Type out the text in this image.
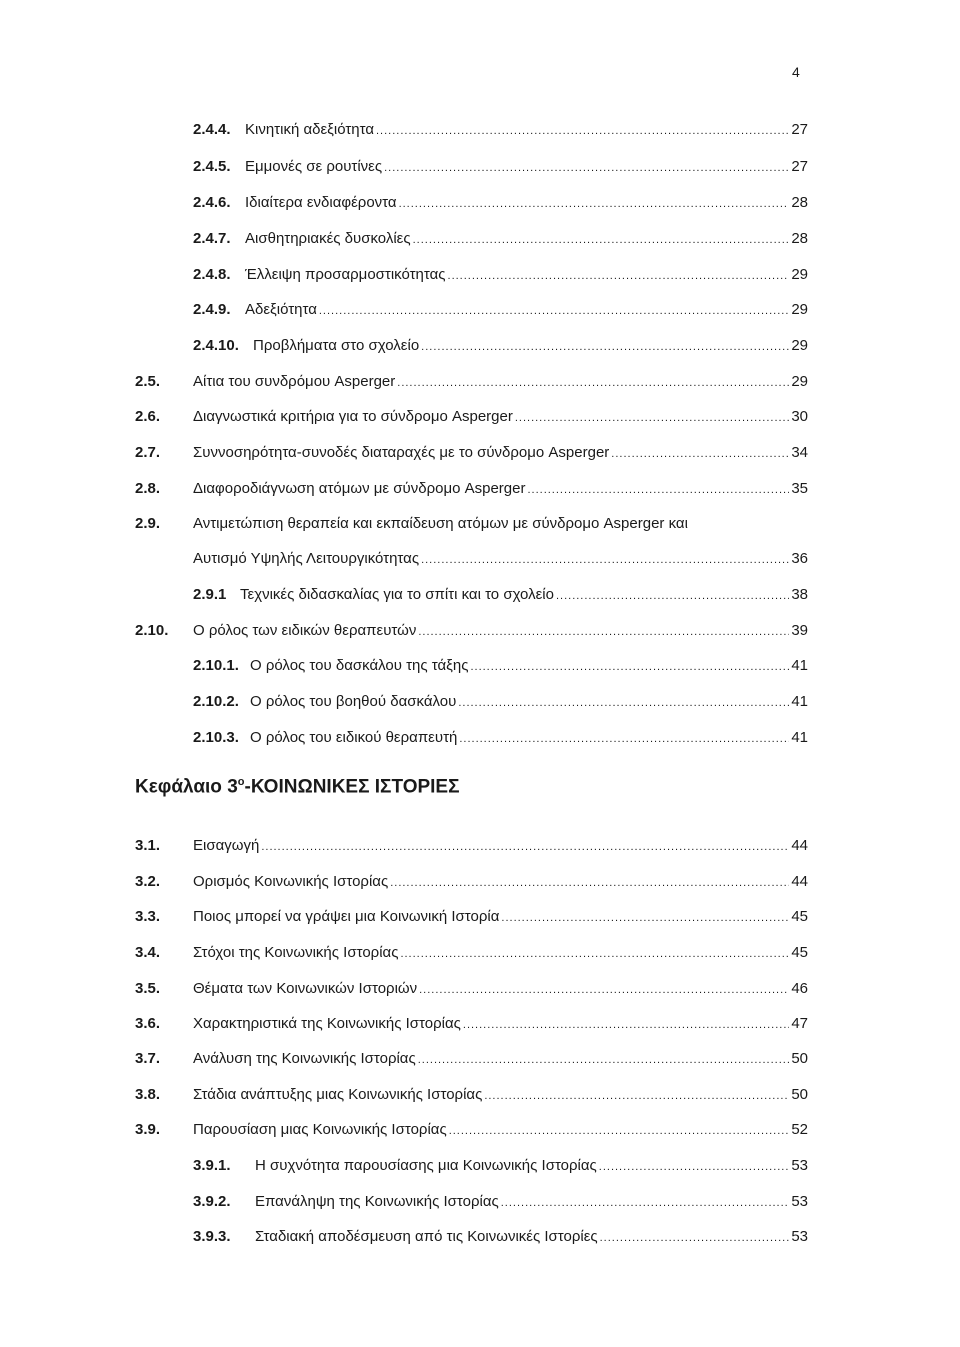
4
2.4.4. Κινητική αδεξιότητα .....	27
2.4.5. Εμμονές σε ρουτίνες .....	27
2.4.6. Ιδιαίτερα ενδιαφέροντα .....	28
2.4.7. Αισθητηριακές δυσκολίες .....	28
2.4.8. Έλλειψη προσαρμοστικότητας .....	29
2.4.9. Αδεξιότητα .....	29
2.4.10. Προβλήματα στο σχολείο .....	29
2.5.	Αίτια του συνδρόμου Asperger .....	29
2.6.	Διαγνωστικά κριτήρια για το σύνδρομο Asperger .....	30
2.7.	Συννοσηρότητα-συνοδές διαταραχές με το σύνδρομο Asperger .....	34
2.8.	Διαφοροδιάγνωση ατόμων με σύνδρομο Asperger .....	35
2.9. Αντιμετώπιση θεραπεία και εκπαίδευση ατόμων με σύνδρομο Asperger και
Αυτισμό Υψηλής Λειτουργικότητας .....	36
2.9.1 Τεχνικές διδασκαλίας για το σπίτι και το σχολείο .....	38
2.10.	Ο ρόλος των ειδικών θεραπευτών .....	39
2.10.1. Ο ρόλος του δασκάλου της τάξης .....	41
2.10.2. Ο ρόλος του βοηθού δασκάλου .....	41
2.10.3. Ο ρόλος του ειδικού θεραπευτή .....	41
3.1.	Εισαγωγή .....	44
3.2.	Ορισμός Κοινωνικής Ιστορίας .....	44
3.3.	Ποιος μπορεί να γράψει μια Κοινωνική Ιστορία .....	45
3.4.	Στόχοι της Κοινωνικής Ιστορίας .....	45
3.5.	Θέματα των Κοινωνικών Ιστοριών .....	46
3.6.	Χαρακτηριστικά της Κοινωνικής Ιστορίας .....	47
3.7.	Ανάλυση της Κοινωνικής Ιστορίας .....	50
3.8.	Στάδια ανάπτυξης μιας Κοινωνικής Ιστορίας .....	50
3.9.	Παρουσίαση μιας Κοινωνικής Ιστορίας .....	52
3.9.1.	Η συχνότητα παρουσίασης μια Κοινωνικής Ιστορίας .....	53
3.9.2.	Επανάληψη της Κοινωνικής Ιστορίας .....	53
3.9.3.	Σταδιακή αποδέσμευση από τις Κοινωνικές Ιστορίες .....	53
Κεφάλαιο $3^o$-ΚΟΙΝΩΝΙΚΕΣ ΙΣΤΟΡΙΕΣ
